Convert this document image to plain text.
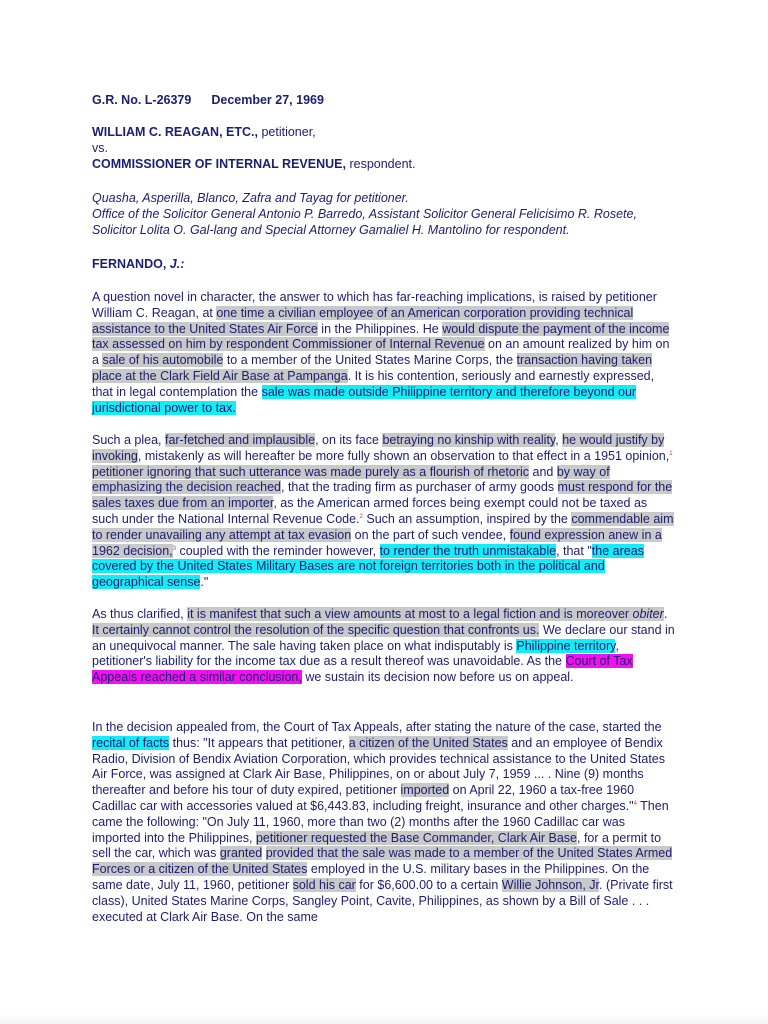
G.R. No. L-26379 December 27, 1969
WILLIAM C. REAGAN, ETC., petitioner,
vs.
COMMISSIONER OF INTERNAL REVENUE, respondent.
Quasha, Asperilla, Blanco, Zafra and Tayag for petitioner.
Office of the Solicitor General Antonio P. Barredo, Assistant Solicitor General Felicisimo R. Rosete, Solicitor Lolita O. Gal-lang and Special Attorney Gamaliel H. Mantolino for respondent.
FERNANDO, J.:

A question novel in character, the answer to which has far-reaching implications, is raised by petitioner William C. Reagan, at one time a civilian employee of an American corporation providing technical assistance to the United States Air Force in the Philippines. He would dispute the payment of the income tax assessed on him by respondent Commissioner of Internal Revenue on an amount realized by him on a sale of his automobile to a member of the United States Marine Corps, the transaction having taken place at the Clark Field Air Base at Pampanga. It is his contention, seriously and earnestly expressed, that in legal contemplation the sale was made outside Philippine territory and therefore beyond our jurisdictional power to tax.

Such a plea, far-fetched and implausible, on its face betraying no kinship with reality, he would justify by invoking, mistakenly as will hereafter be more fully shown an observation to that effect in a 1951 opinion,$^1$ petitioner ignoring that such utterance was made purely as a flourish of rhetoric and by way of emphasizing the decision reached, that the trading firm as purchaser of army goods must respond for the sales taxes due from an importer, as the American armed forces being exempt could not be taxed as such under the National Internal Revenue Code.$^2$ Such an assumption, inspired by the commendable aim to render unavailing any attempt at tax evasion on the part of such vendee, found expression anew in a 1962 decision,$^3$ coupled with the reminder however, to render the truth unmistakable, that "the areas covered by the United States Military Bases are not foreign territories both in the political and geographical sense."

As thus clarified, it is manifest that such a view amounts at most to a legal fiction and is moreover obiter. It certainly cannot control the resolution of the specific question that confronts us. We declare our stand in an unequivocal manner. The sale having taken place on what indisputably is Philippine territory, petitioner's liability for the income tax due as a result thereof was unavoidable. As the Court of Tax Appeals reached a similar conclusion, we sustain its decision now before us on appeal.

In the decision appealed from, the Court of Tax Appeals, after stating the nature of the case, started the recital of facts thus: "It appears that petitioner, a citizen of the United States and an employee of Bendix Radio, Division of Bendix Aviation Corporation, which provides technical assistance to the United States Air Force, was assigned at Clark Air Base, Philippines, on or about July 7, 1959 ... . Nine (9) months thereafter and before his tour of duty expired, petitioner imported on April 22, 1960 a tax-free 1960 Cadillac car with accessories valued at $6,443.83, including freight, insurance and other charges."$^4$ Then came the following: "On July 11, 1960, more than two (2) months after the 1960 Cadillac car was imported into the Philippines, petitioner requested the Base Commander, Clark Air Base, for a permit to sell the car, which was granted provided that the sale was made to a member of the United States Armed Forces or a citizen of the United States employed in the U.S. military bases in the Philippines. On the same date, July 11, 1960, petitioner sold his car for $6,600.00 to a certain Willie Johnson, Jr. (Private first class), United States Marine Corps, Sangley Point, Cavite, Philippines, as shown by a Bill of Sale . . . executed at Clark Air Base. On the same
